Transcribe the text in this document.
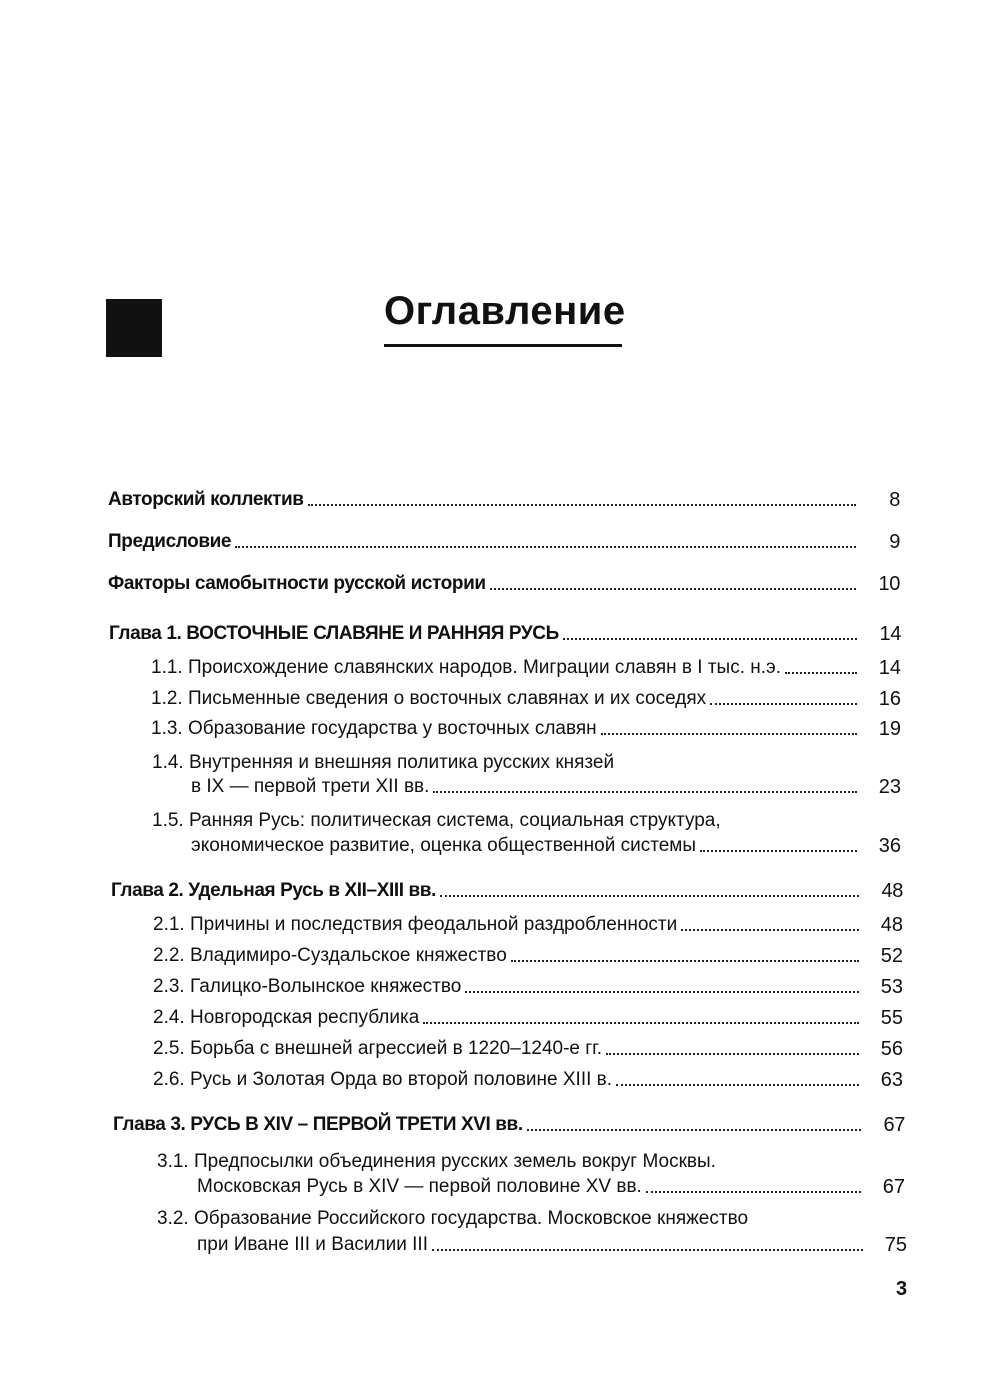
Оглавление
Авторский коллектив	8
Предисловие	9
Факторы самобытности русской истории	10
Глава 1. ВОСТОЧНЫЕ СЛАВЯНЕ И РАННЯЯ РУСЬ	14
1.1. Происхождение славянских народов. Миграции славян в I тыс. н.э.	14
1.2. Письменные сведения о восточных славянах и их соседях	16
1.3. Образование государства у восточных славян	19
1.4. Внутренняя и внешняя политика русских князей
в IX — первой трети XII вв.	23
1.5. Ранняя Русь: политическая система, социальная структура,
экономическое развитие, оценка общественной системы	36
Глава 2. Удельная Русь в XII–XIII вв.	48
2.1. Причины и последствия феодальной раздробленности	48
2.2. Владимиро-Суздальское княжество	52
2.3. Галицко-Волынское княжество	53
2.4. Новгородская республика	55
2.5. Борьба с внешней агрессией в 1220–1240-е гг.	56
2.6. Русь и Золотая Орда во второй половине XIII в.	63
Глава 3. РУСЬ В XIV – ПЕРВОЙ ТРЕТИ XVI вв.	67
3.1. Предпосылки объединения русских земель вокруг Москвы.
Московская Русь в XIV — первой половине XV вв.	67
3.2. Образование Российского государства. Московское княжество
при Иване III и Василии III	75
3
